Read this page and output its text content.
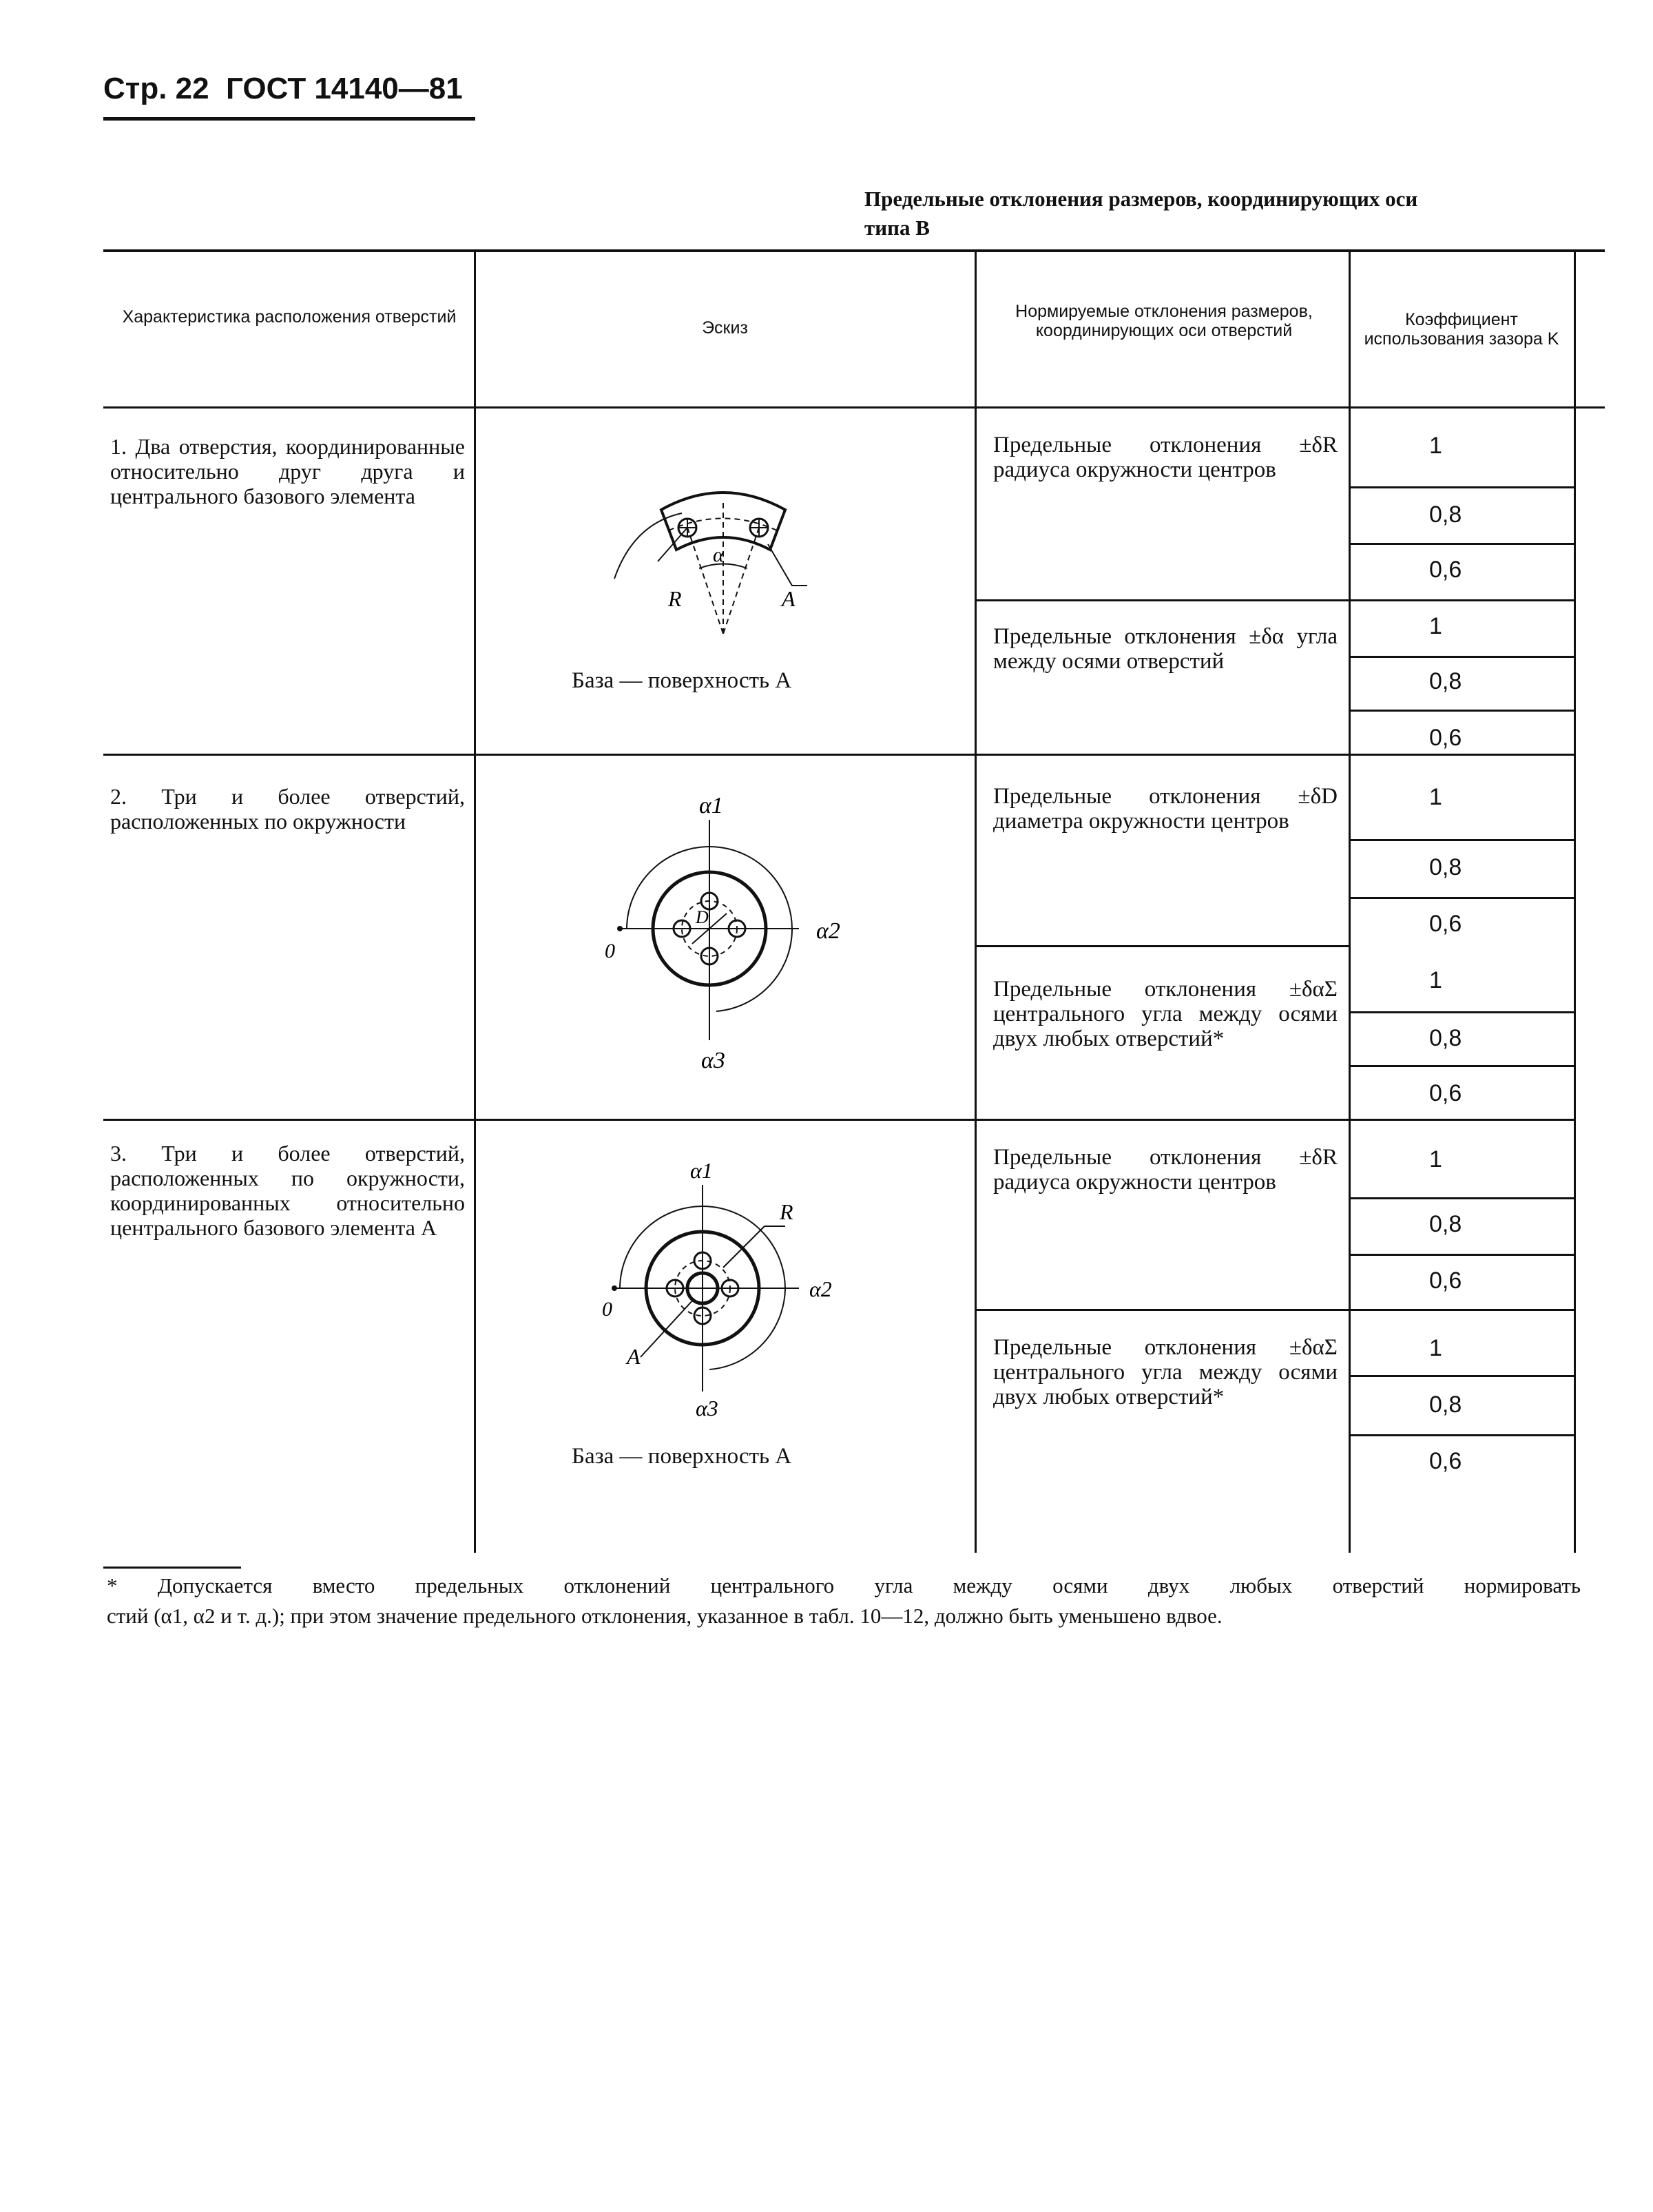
Стр. 22 ГОСТ 14140—81
Предельные отклонения размеров, координирующих оси
типа В
Характеристика расположения отверстий
Эскиз
Нормируемые отклонения размеров, координирующих оси отверстий
Коэффициент использования зазора K
1. Два отверстия, координированные относительно друг друга и центрального базового элемента
Предельные отклонения ±δR радиуса окружности центров
Предельные отклонения ±δα угла между осями отверстий
1
0,8
0,6
1
0,8
0,6
α
R	A
База — поверхность A
2. Три и более отверстий, расположенных по окружности
Предельные отклонения ±δD диаметра окружности центров
Предельные отклонения ±δαΣ центрального угла между осями двух любых отверстий*
1
0,8
0,6
1
0,8
0,6
α1
α2
α3
0
D
3. Три и более отверстий, расположенных по окружности, координированных относительно центрального базового элемента A
Предельные отклонения ±δR радиуса окружности центров
Предельные отклонения ±δαΣ центрального угла между осями двух любых отверстий*
1
0,8
0,6
1
0,8
0,6
α1
α2
α3
0
R
A
База — поверхность A
* Допускается вместо предельных отклонений центрального угла между осями двух любых отверстий нормировать
стий (α1, α2 и т. д.); при этом значение предельного отклонения, указанное в табл. 10—12, должно быть уменьшено вдвое.
